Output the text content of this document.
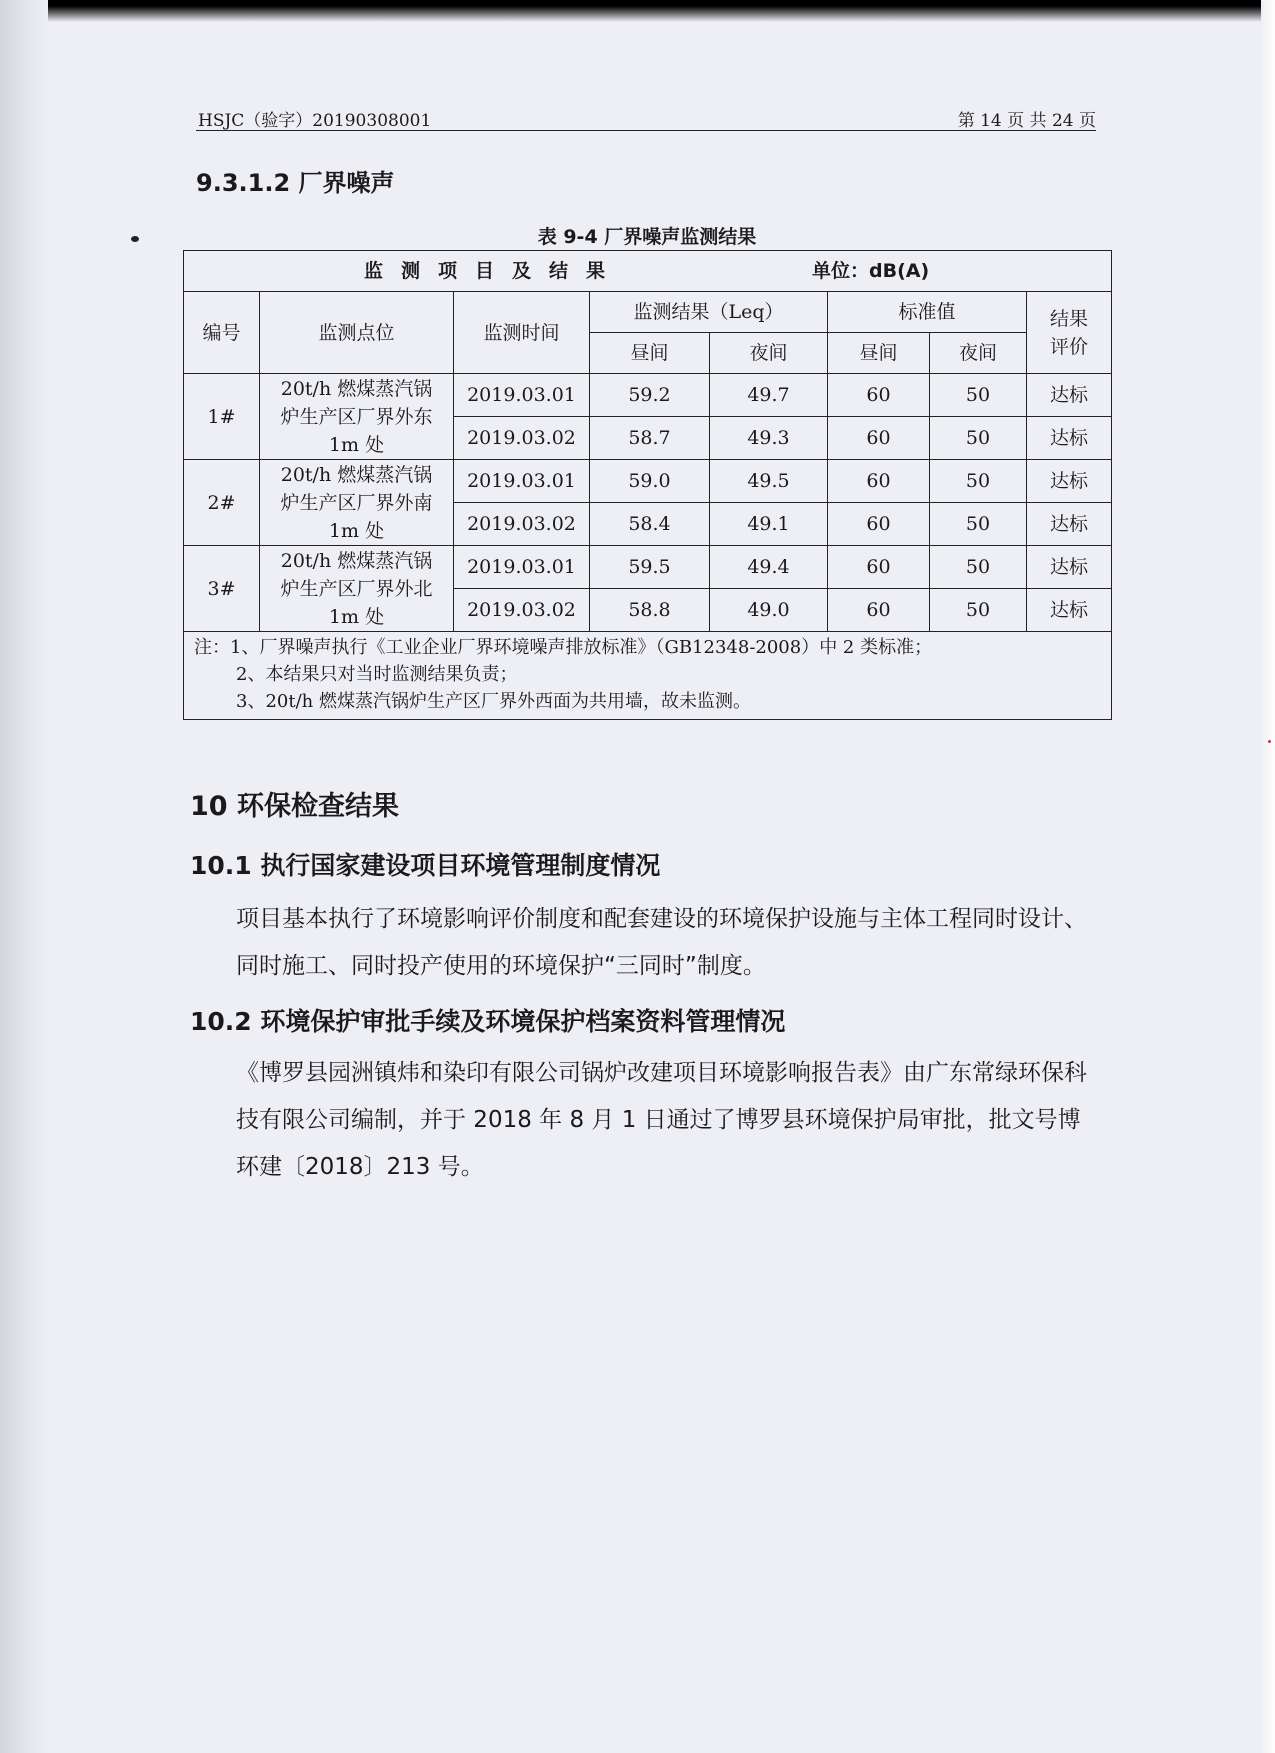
HSJC（验字）20190308001	第 14 页 共 24 页
9.3.1.2 厂界噪声
表 9-4 厂界噪声监测结果
监测项目及结果 单位：dB(A)							

编号	监测点位	监测时间	监测结果（Leq）		标准值		结果评价
			昼间	夜间	昼间	夜间	
1#	20t/h 燃煤蒸汽锅炉生产区厂界外东 1m 处	2019.03.01	59.2	49.7	60	50	达标
		2019.03.02	58.7	49.3	60	50	达标
2#	20t/h 燃煤蒸汽锅炉生产区厂界外南 1m 处	2019.03.01	59.0	49.5	60	50	达标
		2019.03.02	58.4	49.1	60	50	达标
3#	20t/h 燃煤蒸汽锅炉生产区厂界外北 1m 处	2019.03.01	59.5	49.4	60	50	达标
		2019.03.02	58.8	49.0	60	50	达标

注：1、厂界噪声执行《工业企业厂界环境噪声排放标准》（GB12348-2008）中 2 类标准；
2、本结果只对当时监测结果负责；
3、20t/h 燃煤蒸汽锅炉生产区厂界外西面为共用墙，故未监测。							
10 环保检查结果
10.1 执行国家建设项目环境管理制度情况
项目基本执行了环境影响评价制度和配套建设的环境保护设施与主体工程同时设计、同时施工、同时投产使用的环境保护“三同时”制度。
10.2 环境保护审批手续及环境保护档案资料管理情况
《博罗县园洲镇炜和染印有限公司锅炉改建项目环境影响报告表》由广东常绿环保科技有限公司编制，并于 2018 年 8 月 1 日通过了博罗县环境保护局审批，批文号博环建〔2018〕213 号。
